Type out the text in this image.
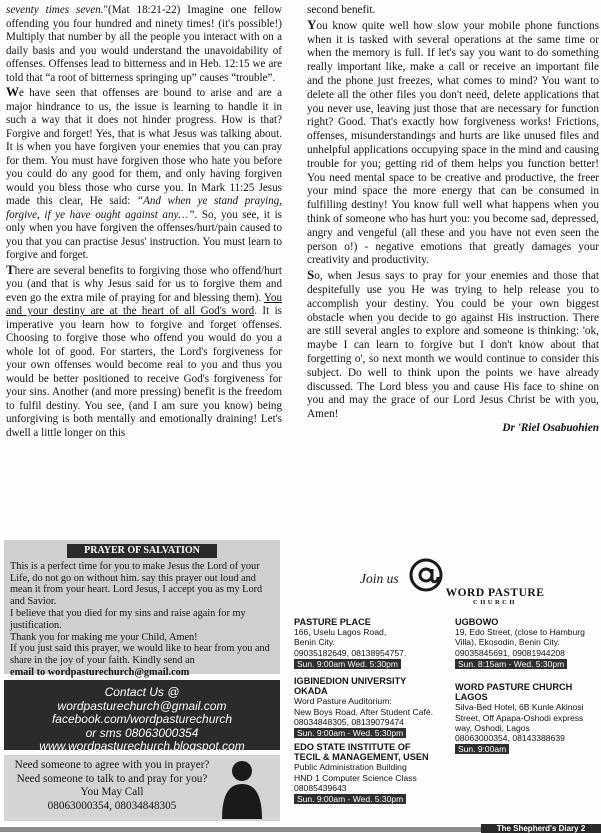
seventy times seven."(Mat 18:21-22) Imagine one fellow offending you four hundred and ninety times! (it's possible!) Multiply that number by all the people you interact with on a daily basis and you would understand the unavoidability of offenses. Offenses lead to bitterness and in Heb. 12:15 we are told that “a root of bitterness springing up” causes “trouble”.

We have seen that offenses are bound to arise and are a major hindrance to us, the issue is learning to handle it in such a way that it does not hinder progress. How is that? Forgive and forget! Yes, that is what Jesus was talking about. It is when you have forgiven your enemies that you can pray for them. You must have forgiven those who hate you before you could do any good for them, and only having forgiven would you bless those who curse you. In Mark 11:25 Jesus made this clear, He said: “And when ye stand praying, forgive, if ye have ought against any…”. So, you see, it is only when you have forgiven the offenses/hurt/pain caused to you that you can practise Jesus' instruction. You must learn to forgive and forget.

There are several benefits to forgiving those who offend/hurt you (and that is why Jesus said for us to forgive them and even go the extra mile of praying for and blessing them). You and your destiny are at the heart of all God's word. It is imperative you learn how to forgive and forget offenses. Choosing to forgive those who offend you would do you a whole lot of good. For starters, the Lord's forgiveness for your own offenses would become real to you and thus you would be better positioned to receive God's forgiveness for your sins. Another (and more pressing) benefit is the freedom to fulfil destiny. You see, (and I am sure you know) being unforgiving is both mentally and emotionally draining! Let's dwell a little longer on this

second benefit.

You know quite well how slow your mobile phone functions when it is tasked with several operations at the same time or when the memory is full. If let's say you want to do something really important like, make a call or receive an important file and the phone just freezes, what comes to mind? You want to delete all the other files you don't need, delete applications that you never use, leaving just those that are necessary for function right? Good. That's exactly how forgiveness works! Frictions, offenses, misunderstandings and hurts are like unused files and unhelpful applications occupying space in the mind and causing trouble for you; getting rid of them helps you function better! You need mental space to be creative and productive, the freer your mind space the more energy that can be consumed in fulfilling destiny! You know full well what happens when you think of someone who has hurt you: you become sad, depressed, angry and vengeful (all these and you have not even seen the person o!) - negative emotions that greatly damages your creativity and productivity.

So, when Jesus says to pray for your enemies and those that despitefully use you He was trying to help release you to accomplish your destiny. You could be your own biggest obstacle when you decide to go against His instruction. There are still several angles to explore and someone is thinking: 'ok, maybe I can learn to forgive but I don't know about that forgetting o', so next month we would continue to consider this subject. Do well to think upon the points we have already discussed. The Lord bless you and cause His face to shine on you and may the grace of our Lord Jesus Christ be with you, Amen!

Dr 'Riel Osabuohien

PRAYER OF SALVATION

This is a perfect time for you to make Jesus the Lord of your Life, do not go on without him. say this prayer out loud and mean it from your heart. Lord Jesus, I accept you as my Lord and Savior.

I believe that you died for my sins and raise again for my justification.

Thank you for making me your Child, Amen!

If you just said this prayer, we would like to hear from you and share in the joy of your faith. Kindly send an

email to wordpasturechurch@gmail.com

Contact Us @
wordpasturechurch@gmail.com
facebook.com/wordpasturechurch
or sms 08063000354
www.wordpasturechurch.blogspot.com
Need someone to agree with you in prayer?
Need someone to talk to and pray for you?
You May Call
08063000354, 08034848305
Join us
WORD PASTURE
CHURCH
PASTURE PLACE
166, Uselu Lagos Road,
Benin City.
09035182649, 08138954757.
Sun. 9:00am Wed. 5:30pm
UGBOWO
19, Edo Street, (close to Hamburg
Villa), Ekosodin, Benin City.
09035845691, 09081944208
Sun. 8:15am - Wed. 5:30pm
IGBINEDION UNIVERSITY
OKADA
Word Pasture Auditorium:
New Boys Road, After Student Café.
08034848305, 08139079474
Sun. 9:00am - Wed. 5:30pm
WORD PASTURE CHURCH
LAGOS
Silva-Bed Hotel, 6B Kunle Akinosi
Street, Off Apapa-Oshodi express
way, Oshodi, Lagos
08063000354, 08143388639
Sun. 9:00am
EDO STATE INSTITUTE OF
TECIL & MANAGEMENT, USEN
Public Administration Building
HND 1 Computer Science Class
08085439643
Sun. 9:00am - Wed. 5:30pm
The Shepherd's Diary 2
